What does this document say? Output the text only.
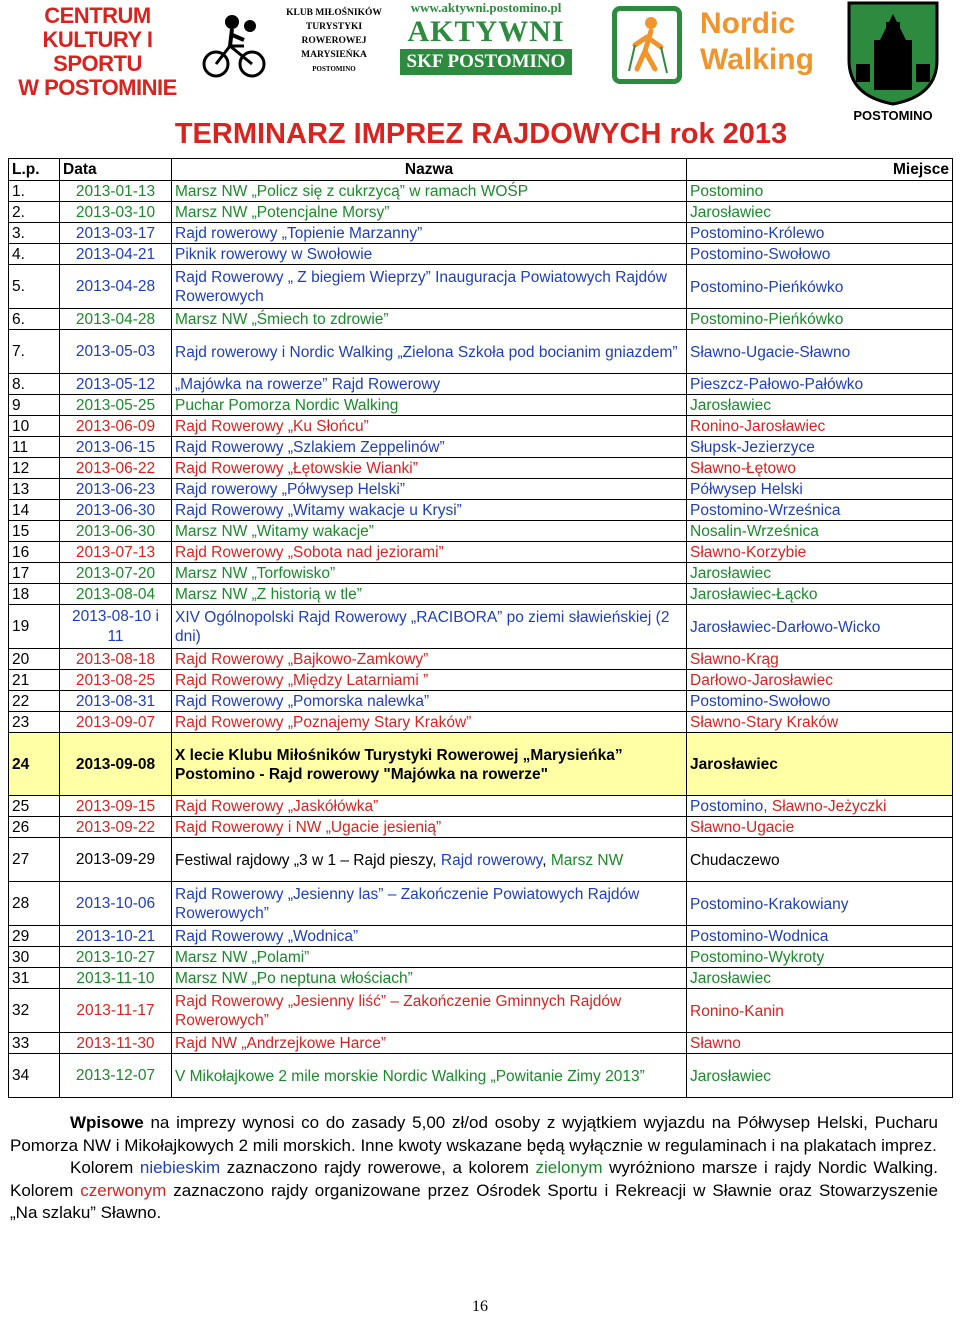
CENTRUM
KULTURY I SPORTU
W POSTOMINIE
KLUB MIŁOŚNIKÓW
TURYSTYKI
ROWEROWEJ
MARYSIEŃKA
POSTOMINO
www.aktywni.postomino.pl
AKTYWNI
SKF POSTOMINO
Nordic
Walking
POSTOMINO
TERMINARZ IMPREZ RAJDOWYCH rok 2013
L.p.	Data	Nazwa	Miejsce
1.	2013-01-13	Marsz NW „Policz się z cukrzycą” w ramach WOŚP	Postomino
2.	2013-03-10	Marsz NW „Potencjalne Morsy”	Jarosławiec
3.	2013-03-17	Rajd rowerowy „Topienie Marzanny”	Postomino-Królewo
4.	2013-04-21	Piknik rowerowy w Swołowie	Postomino-Swołowo
5.	2013-04-28	Rajd Rowerowy „ Z biegiem Wieprzy” Inauguracja Powiatowych Rajdów Rowerowych	Postomino-Pieńkówko
6.	2013-04-28	Marsz NW „Śmiech to zdrowie”	Postomino-Pieńkówko
7.	2013-05-03	Rajd rowerowy i Nordic Walking „Zielona Szkoła pod bocianim gniazdem”	Sławno-Ugacie-Sławno
8.	2013-05-12	„Majówka na rowerze” Rajd Rowerowy	Pieszcz-Pałowo-Pałówko
9	2013-05-25	Puchar Pomorza Nordic Walking	Jarosławiec
10	2013-06-09	Rajd Rowerowy „Ku Słońcu”	Ronino-Jarosławiec
11	2013-06-15	Rajd Rowerowy „Szlakiem Zeppelinów”	Słupsk-Jezierzyce
12	2013-06-22	Rajd Rowerowy „Łętowskie Wianki”	Sławno-Łętowo
13	2013-06-23	Rajd rowerowy „Półwysep Helski”	Półwysep Helski
14	2013-06-30	Rajd Rowerowy „Witamy wakacje u Krysi”	Postomino-Wrześnica
15	2013-06-30	Marsz NW „Witamy wakacje”	Nosalin-Wrześnica
16	2013-07-13	Rajd Rowerowy „Sobota nad jeziorami”	Sławno-Korzybie
17	2013-07-20	Marsz NW „Torfowisko”	Jarosławiec
18	2013-08-04	Marsz NW „Z historią w tle”	Jarosławiec-Łącko
19	2013-08-10 i 11	XIV Ogólnopolski Rajd Rowerowy „RACIBORA” po ziemi sławieńskiej (2 dni)	Jarosławiec-Darłowo-Wicko
20	2013-08-18	Rajd Rowerowy „Bajkowo-Zamkowy”	Sławno-Krąg
21	2013-08-25	Rajd Rowerowy „Między Latarniami ”	Darłowo-Jarosławiec
22	2013-08-31	Rajd Rowerowy „Pomorska nalewka”	Postomino-Swołowo
23	2013-09-07	Rajd Rowerowy „Poznajemy Stary Kraków”	Sławno-Stary Kraków
24	2013-09-08	X lecie Klubu Miłośników Turystyki Rowerowej „Marysieńka” Postomino - Rajd rowerowy "Majówka na rowerze"	Jarosławiec
25	2013-09-15	Rajd Rowerowy „Jaskółówka”	Postomino, Sławno-Jeżyczki
26	2013-09-22	Rajd Rowerowy i NW „Ugacie jesienią”	Sławno-Ugacie
27	2013-09-29	Festiwal rajdowy „3 w 1 – Rajd pieszy, Rajd rowerowy, Marsz NW	Chudaczewo
28	2013-10-06	Rajd Rowerowy „Jesienny las” – Zakończenie Powiatowych Rajdów Rowerowych”	Postomino-Krakowiany
29	2013-10-21	Rajd Rowerowy „Wodnica”	Postomino-Wodnica
30	2013-10-27	Marsz NW „Polami”	Postomino-Wykroty
31	2013-11-10	Marsz NW „Po neptuna włościach”	Jarosławiec
32	2013-11-17	Rajd Rowerowy „Jesienny liść” – Zakończenie Gminnych Rajdów Rowerowych”	Ronino-Kanin
33	2013-11-30	Rajd NW „Andrzejkowe Harce”	Sławno
34	2013-12-07	V Mikołajkowe 2 mile morskie Nordic Walking „Powitanie Zimy 2013”	Jarosławiec

Wpisowe na imprezy wynosi co do zasady 5,00 zł/od osoby z wyjątkiem wyjazdu na Półwysep Helski, Pucharu Pomorza NW i Mikołajkowych 2 mili morskich. Inne kwoty wskazane będą wyłącznie w regulaminach i na plakatach imprez.

Kolorem niebieskim zaznaczono rajdy rowerowe, a kolorem zielonym wyróżniono marsze i rajdy Nordic Walking. Kolorem czerwonym zaznaczono rajdy organizowane przez Ośrodek Sportu i Rekreacji w Sławnie oraz Stowarzyszenie „Na szlaku” Sławno.

16
